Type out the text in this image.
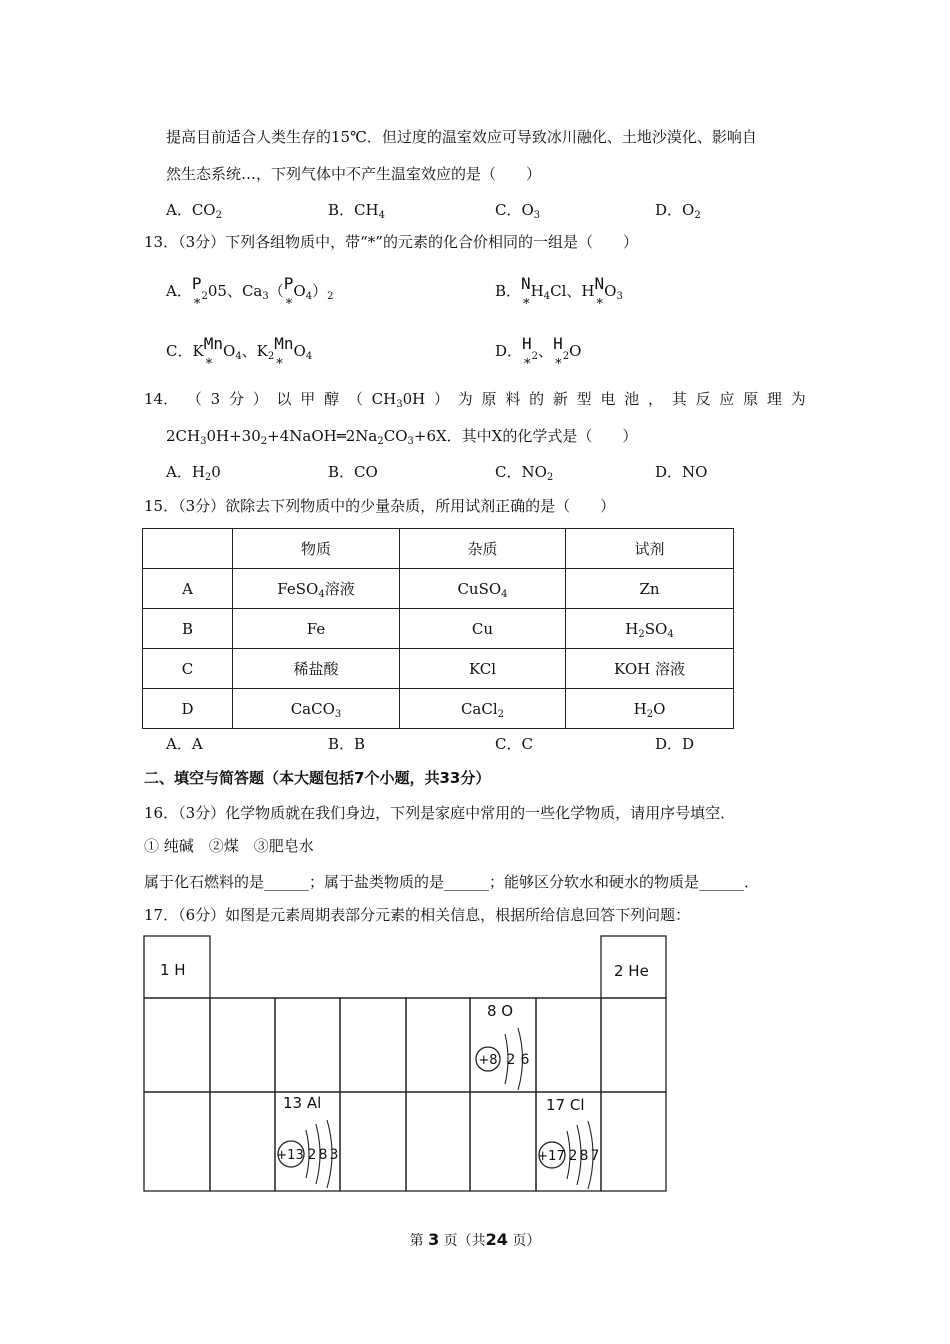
提高目前适合人类生存的15℃．但过度的温室效应可导致冰川融化、土地沙漠化、影响自
然生态系统…，下列气体中不产生温室效应的是（　　）
A．$CO_2$	B．$CH_4$	C．$O_3$	D．$O_2$
13．（3分）下列各组物质中，带“*”的元素的化合价相同的一组是（　　）
A．P
*
$_2$05、$Ca_3(P$
*
$O_4)_2$	B．N
*
$H_4Cl$、HN
*
$O_3$
C．KMn
*
$O_4$、$K_2Mn$
*
$O_4$	D．H
*
$_2$、H
*
$_2$O
14． （ 3 分 ） 以 甲 醇 （ $CH_30H$ ） 为 原 料 的 新 型 电 池 ， 其 反 应 原 理 为
$2CH_30H+30_2+4NaOH═2Na_2CO_3+6X$．其中X的化学式是（　　）
A．$H_20$	B．CO	C．$NO_2$	D．NO
15．（3分）欲除去下列物质中的少量杂质，所用试剂正确的是（　　）
	物质	杂质	试剂
A	FeSO$_4$溶液	CuSO$_4$	Zn
B	Fe	Cu	$H_2SO_4$
C	稀盐酸	KCl	KOH 溶液
D	CaCO$_3$	CaCl$_2$	$H_2O$
A．A	B．B	C．C	D．D
二、填空与简答题（本大题包括7个小题，共33分）
16．（3分）化学物质就在我们身边，下列是家庭中常用的一些化学物质，请用序号填空．
① 纯碱　②煤　③肥皂水
属于化石燃料的是______；属于盐类物质的是______；能够区分软水和硬水的物质是______．
17．（6分）如图是元素周期表部分元素的相关信息，根据所给信息回答下列问题：
1 H	2 He
8 O
+8 2 6
13 Al
+13 2 8 3
17 Cl
+17 2 8 7
第 3 页（共24 页）
